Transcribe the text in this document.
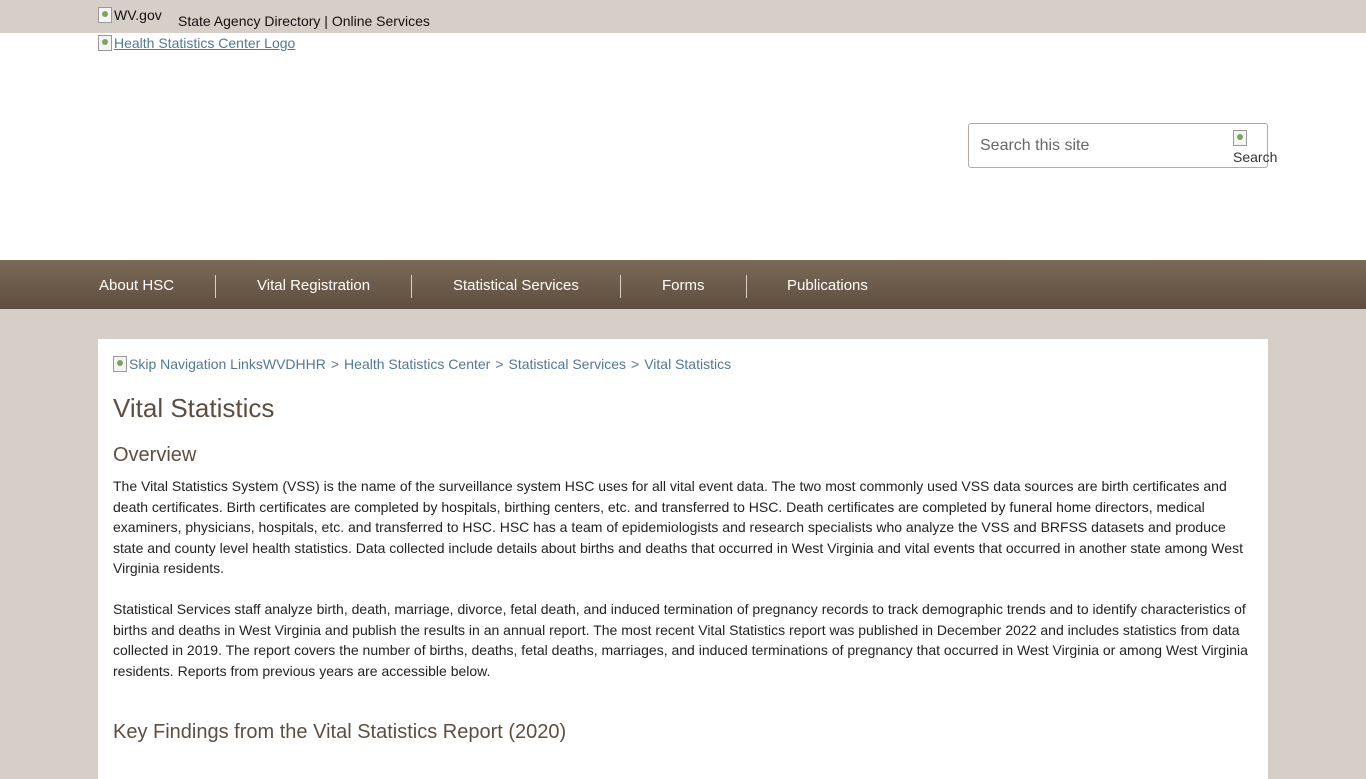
WV.gov State Agency Directory | Online Services
Health Statistics Center Logo
Search this site
Search
About HSC	Vital Registration	Statistical Services	Forms	Publications
Skip Navigation Links WVDHHR > Health Statistics Center > Statistical Services > Vital Statistics
Vital Statistics
Overview

The Vital Statistics System (VSS) is the name of the surveillance system HSC uses for all vital event data. The two most commonly used VSS data sources are birth certificates and death certificates. Birth certificates are completed by hospitals, birthing centers, etc. and transferred to HSC. Death certificates are completed by funeral home directors, medical examiners, physicians, hospitals, etc. and transferred to HSC. HSC has a team of epidemiologists and research specialists who analyze the VSS and BRFSS datasets and produce state and county level health statistics. Data collected include details about births and deaths that occurred in West Virginia and vital events that occurred in another state among West Virginia residents.

Statistical Services staff analyze birth, death, marriage, divorce, fetal death, and induced termination of pregnancy records to track demographic trends and to identify characteristics of births and deaths in West Virginia and publish the results in an annual report. The most recent Vital Statistics report was published in December 2022 and includes statistics from data collected in 2019. The report covers the number of births, deaths, fetal deaths, marriages, and induced terminations of pregnancy that occurred in West Virginia or among West Virginia residents. Reports from previous years are accessible below.

Key Findings from the Vital Statistics Report (2020)
